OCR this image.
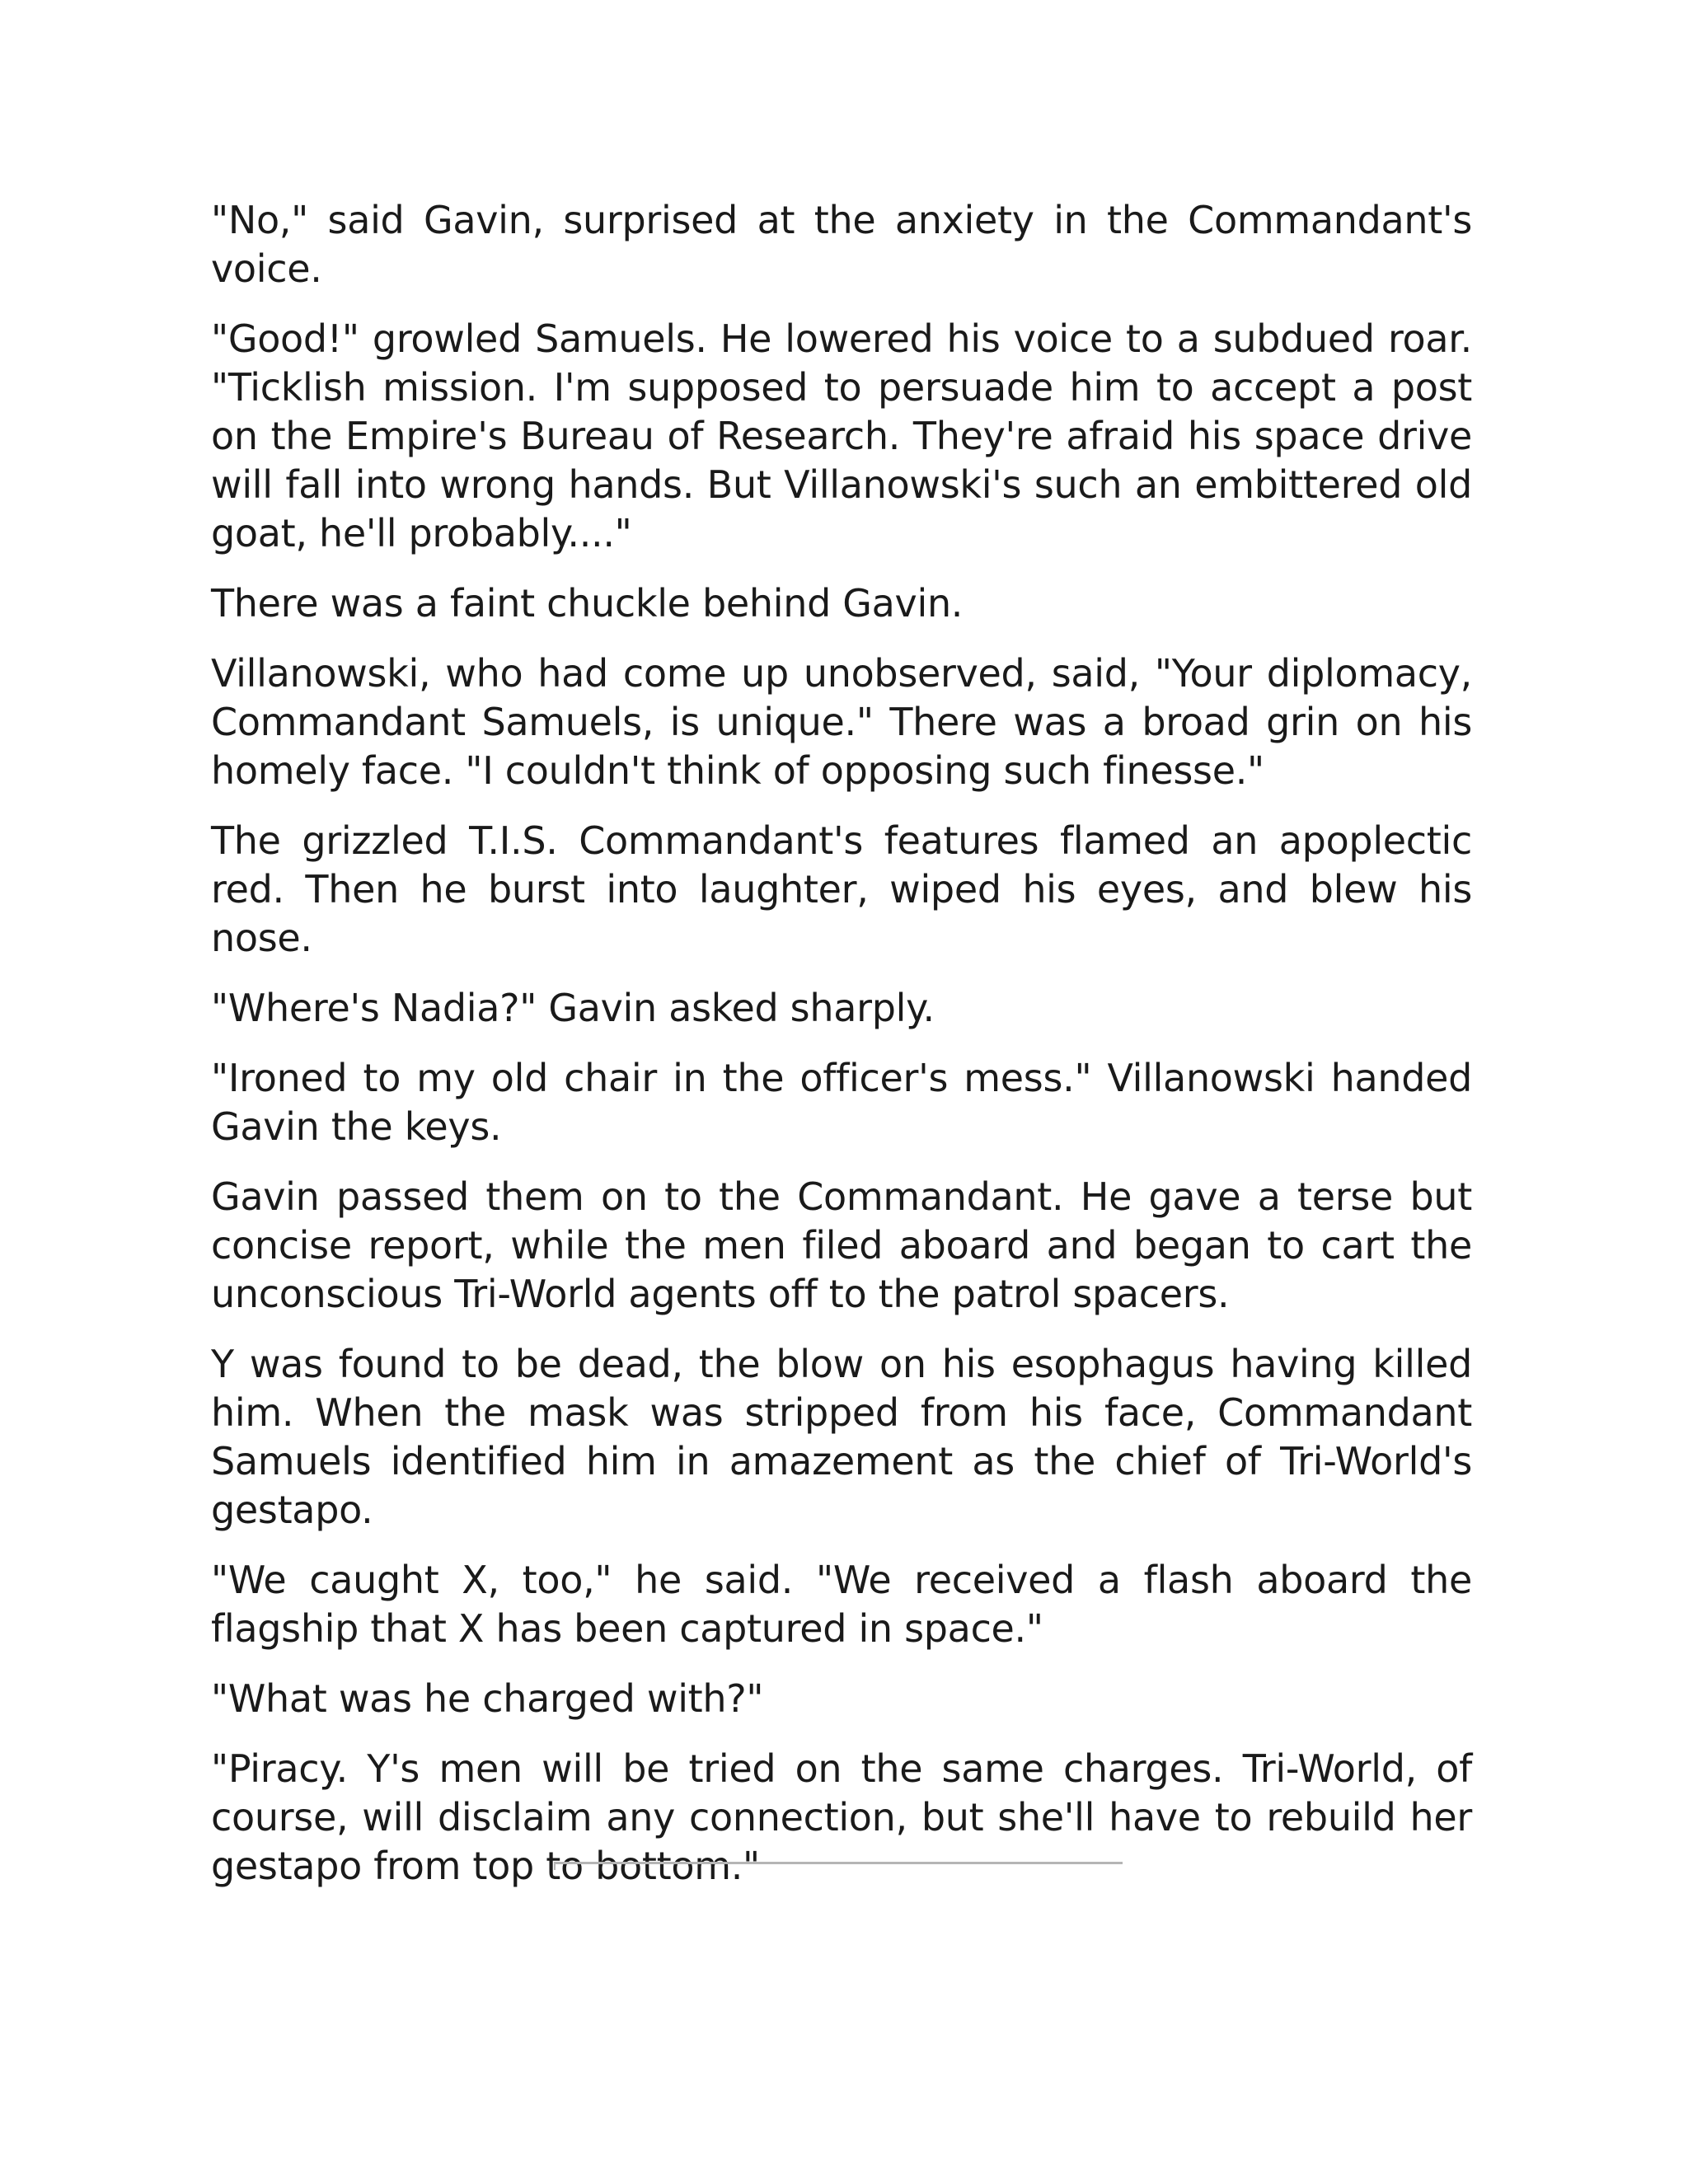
"No," said Gavin, surprised at the anxiety in the Commandant's voice.

"Good!" growled Samuels. He lowered his voice to a subdued roar. "Ticklish mission. I'm supposed to persuade him to accept a post on the Empire's Bureau of Research. They're afraid his space drive will fall into wrong hands. But Villanowski's such an embittered old goat, he'll probably...."

There was a faint chuckle behind Gavin.

Villanowski, who had come up unobserved, said, "Your diplomacy, Commandant Samuels, is unique." There was a broad grin on his homely face. "I couldn't think of opposing such finesse."

The grizzled T.I.S. Commandant's features flamed an apoplectic red. Then he burst into laughter, wiped his eyes, and blew his nose.

"Where's Nadia?" Gavin asked sharply.

"Ironed to my old chair in the officer's mess." Villanowski handed Gavin the keys.

Gavin passed them on to the Commandant. He gave a terse but concise report, while the men filed aboard and began to cart the unconscious Tri-World agents off to the patrol spacers.

Y was found to be dead, the blow on his esophagus having killed him. When the mask was stripped from his face, Commandant Samuels identified him in amazement as the chief of Tri-World's gestapo.

"We caught X, too," he said. "We received a flash aboard the flagship that X has been captured in space."

"What was he charged with?"

"Piracy. Y's men will be tried on the same charges. Tri-World, of course, will disclaim any connection, but she'll have to rebuild her gestapo from top to bottom."
